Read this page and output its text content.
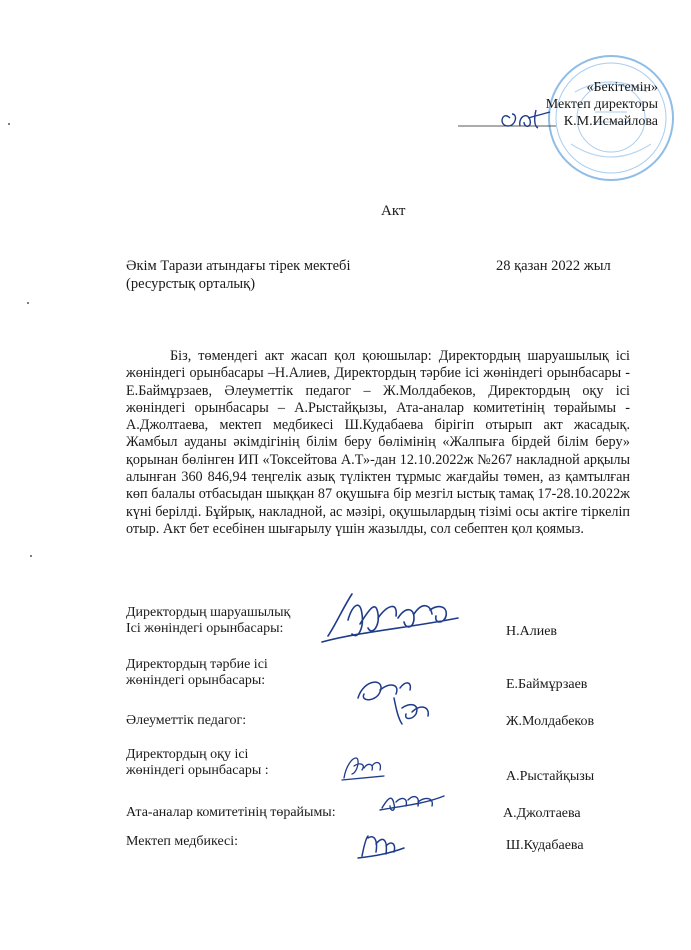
«Бекітемін»
Мектеп директоры
К.М.Исмайлова
Акт
Әкім Тарази атындағы тірек мектебі
(ресурстық орталық)
28 қазан 2022 жыл
Біз, төмендегі акт жасап қол қоюшылар: Директордың шаруашылық ісі жөніндегі орынбасары –Н.Алиев, Директордың тәрбие ісі жөніндегі орынбасары - Е.Баймұрзаев, Әлеуметтік педагог – Ж.Молдабеков, Директордың оқу ісі жөніндегі орынбасары – А.Рыстайқызы, Ата-аналар комитетінің төрайымы - А.Джолтаева, мектеп медбикесі Ш.Кудабаева бірігіп отырып акт жасадық. Жамбыл ауданы әкімдігінің білім беру бөлімінің «Жалпыға бірдей білім беру» қорынан бөлінген ИП «Токсейтова А.Т»-дан 12.10.2022ж №267 накладной арқылы алынған 360 846,94 теңгелік азық түліктен тұрмыс жағдайы төмен, аз қамтылған көп балалы отбасыдан шыққан 87 оқушыға бір мезгіл ыстық тамақ 17-28.10.2022ж күні берілді. Бұйрық, накладной, ас мәзірі, оқушылардың тізімі осы актіге тіркеліп отыр. Акт бет есебінен шығарылу үшін жазылды, сол себептен қол қоямыз.
Директордың шаруашылық
Ісі жөніндегі орынбасары:	Н.Алиев
Директордың тәрбие ісі
жөніндегі орынбасары:	Е.Баймұрзаев
Әлеуметтік педагог:	Ж.Молдабеков
Директордың оқу ісі
жөніндегі орынбасары :	А.Рыстайқызы
Ата-аналар комитетінің төрайымы:	А.Джолтаева
Мектеп медбикесі:	Ш.Кудабаева
